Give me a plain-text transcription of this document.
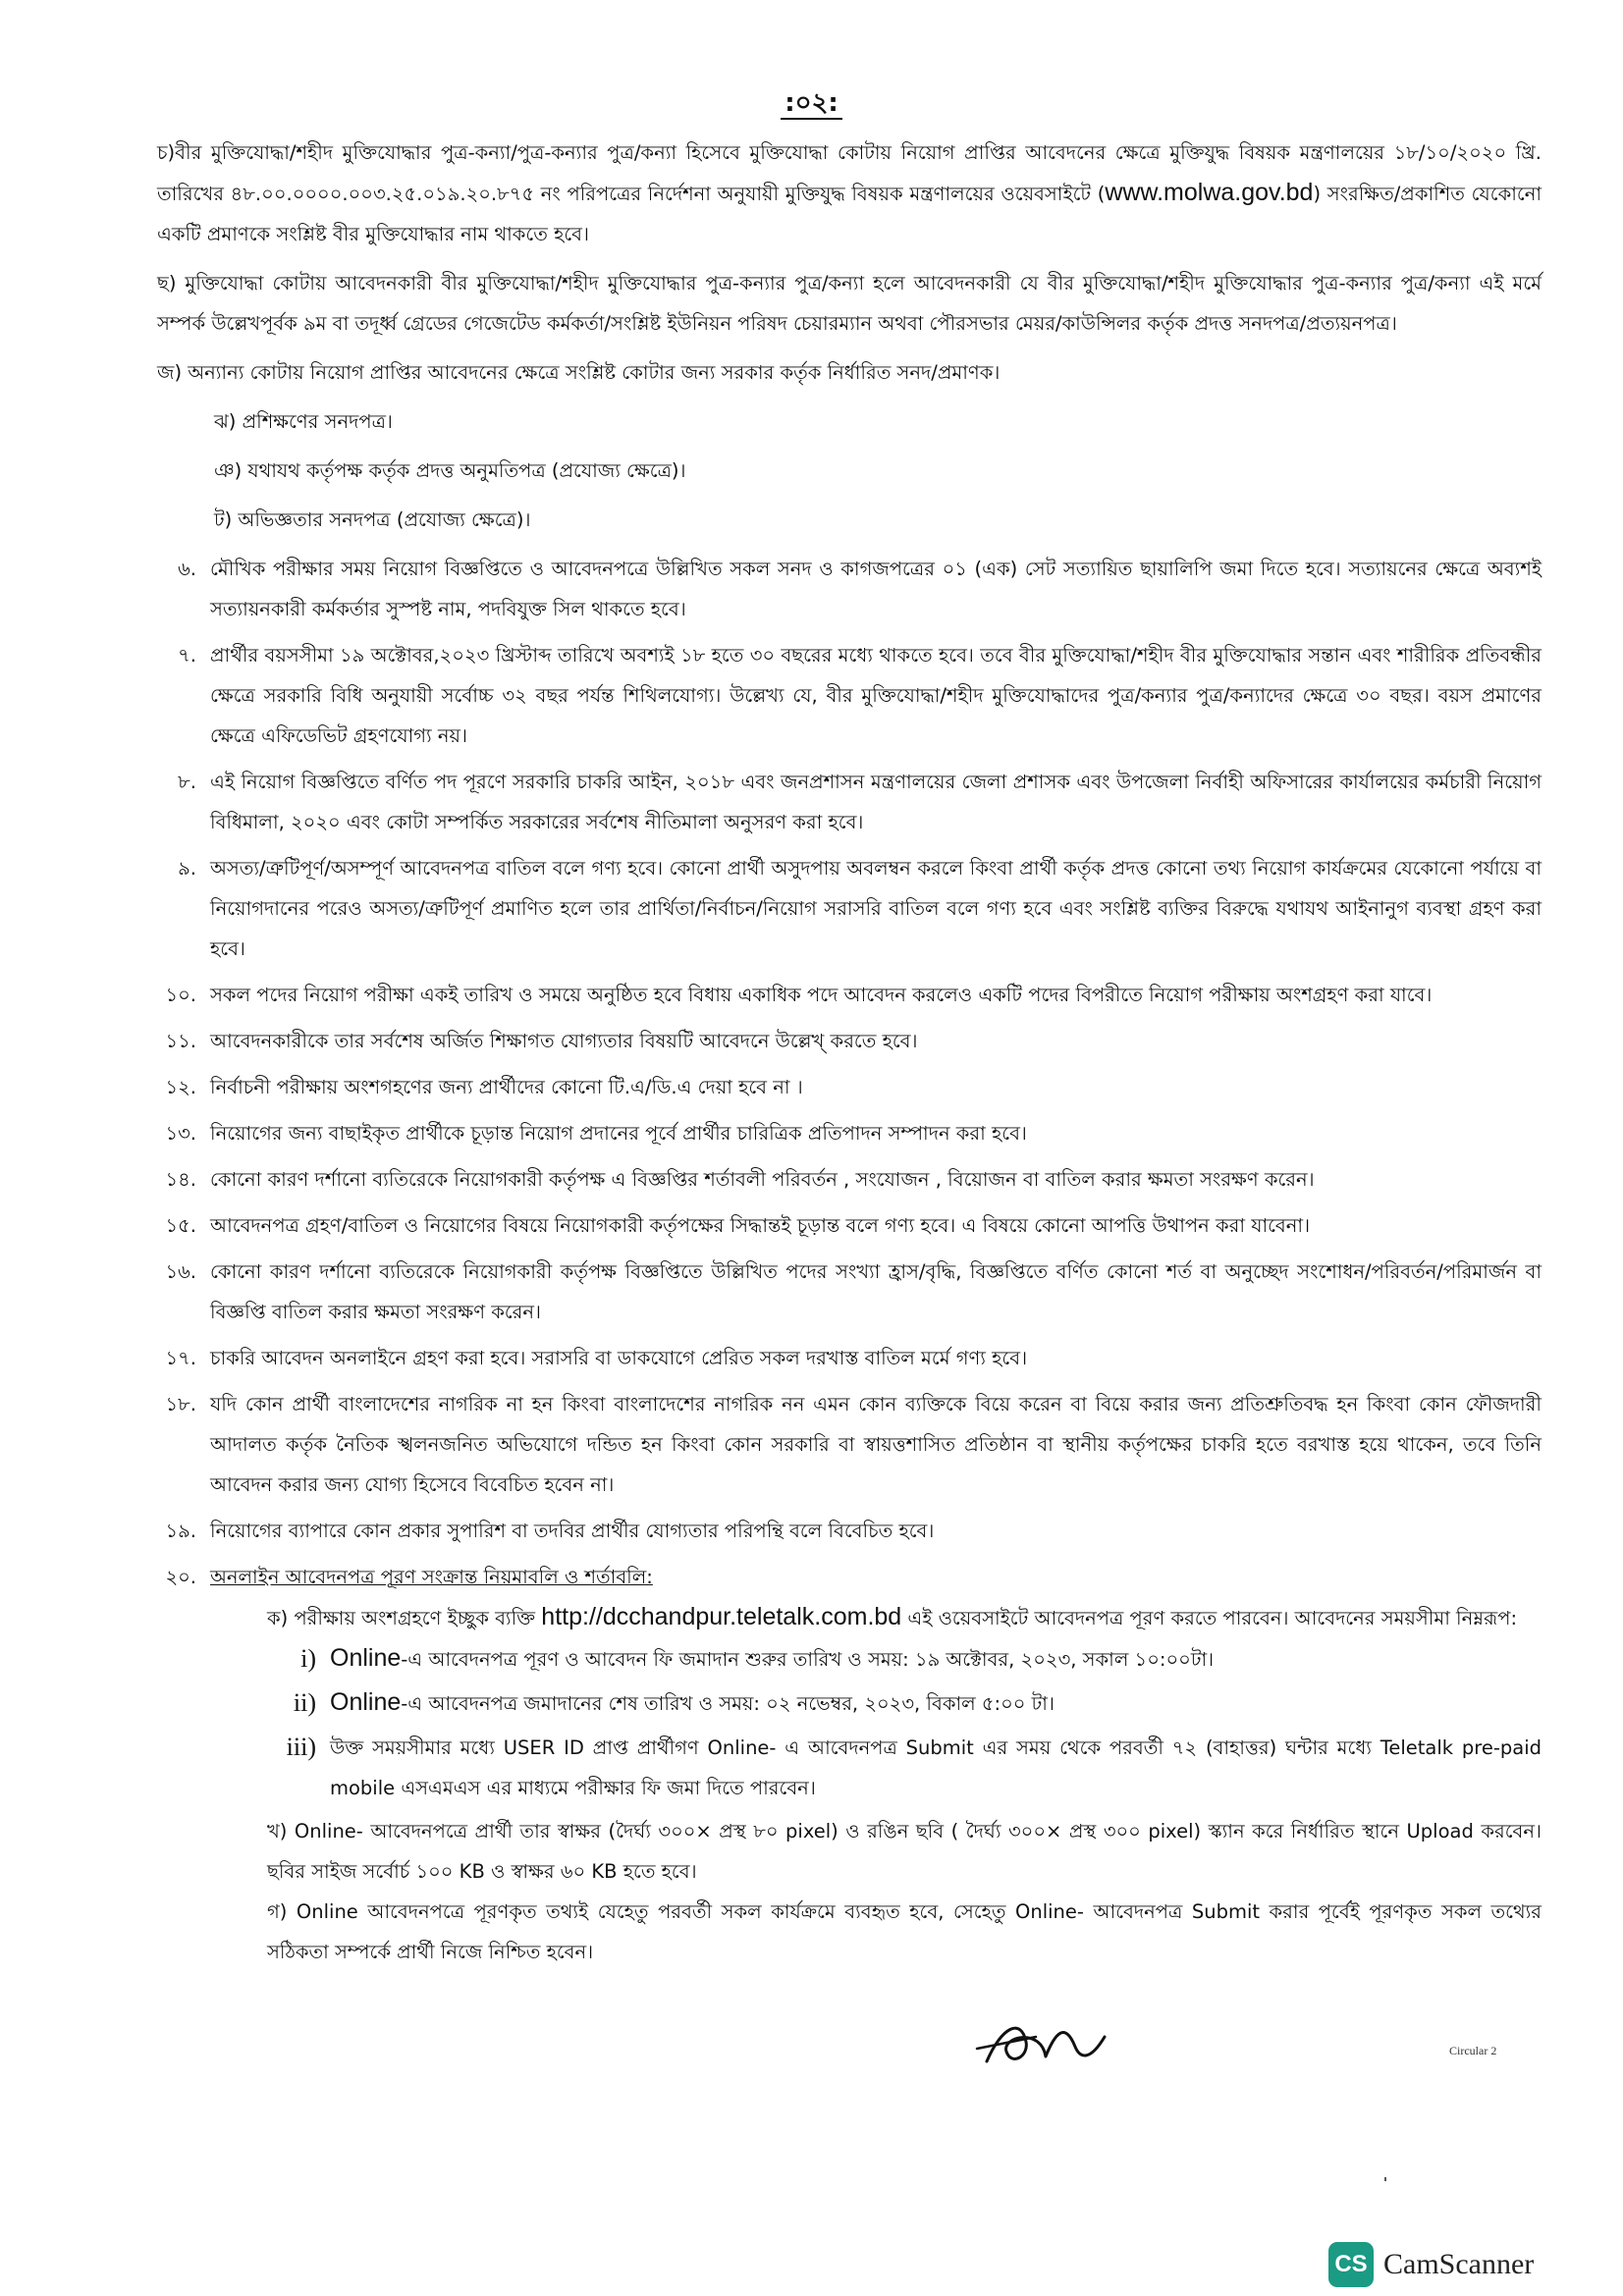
:০২:
চ)বীর মুক্তিযোদ্ধা/শহীদ মুক্তিযোদ্ধার পুত্র-কন্যা/পুত্র-কন্যার পুত্র/কন্যা হিসেবে মুক্তিযোদ্ধা কোটায় নিয়োগ প্রাপ্তির আবেদনের ক্ষেত্রে মুক্তিযুদ্ধ বিষয়ক মন্ত্রণালয়ের ১৮/১০/২০২০ খ্রি. তারিখের ৪৮.০০.০০০০.০০৩.২৫.০১৯.২০.৮৭৫ নং পরিপত্রের নির্দেশনা অনুযায়ী মুক্তিযুদ্ধ বিষয়ক মন্ত্রণালয়ের ওয়েবসাইটে (www.molwa.gov.bd) সংরক্ষিত/প্রকাশিত যেকোনো একটি প্রমাণকে সংশ্লিষ্ট বীর মুক্তিযোদ্ধার নাম থাকতে হবে।
ছ) মুক্তিযোদ্ধা কোটায় আবেদনকারী বীর মুক্তিযোদ্ধা/শহীদ মুক্তিযোদ্ধার পুত্র-কন্যার পুত্র/কন্যা হলে আবেদনকারী যে বীর মুক্তিযোদ্ধা/শহীদ মুক্তিযোদ্ধার পুত্র-কন্যার পুত্র/কন্যা এই মর্মে সম্পর্ক উল্লেখপূর্বক ৯ম বা তদূর্ধ্ব গ্রেডের গেজেটেড কর্মকর্তা/সংশ্লিষ্ট ইউনিয়ন পরিষদ চেয়ারম্যান অথবা পৌরসভার মেয়র/কাউন্সিলর কর্তৃক প্রদত্ত সনদপত্র/প্রত্যয়নপত্র।
জ) অন্যান্য কোটায় নিয়োগ প্রাপ্তির আবেদনের ক্ষেত্রে সংশ্লিষ্ট কোটার জন্য সরকার কর্তৃক নির্ধারিত সনদ/প্রমাণক।
ঝ) প্রশিক্ষণের সনদপত্র।
ঞ) যথাযথ কর্তৃপক্ষ কর্তৃক প্রদত্ত অনুমতিপত্র (প্রযোজ্য ক্ষেত্রে)।
ট) অভিজ্ঞতার সনদপত্র (প্রযোজ্য ক্ষেত্রে)।
৬. মৌখিক পরীক্ষার সময় নিয়োগ বিজ্ঞপ্তিতে ও আবেদনপত্রে উল্লিখিত সকল সনদ ও কাগজপত্রের ০১ (এক) সেট সত্যায়িত ছায়ালিপি জমা দিতে হবে। সত্যায়নের ক্ষেত্রে অব্যশই সত্যায়নকারী কর্মকর্তার সুস্পষ্ট নাম, পদবিযুক্ত সিল থাকতে হবে।
৭. প্রার্থীর বয়সসীমা ১৯ অক্টোবর,২০২৩ খ্রিস্টাব্দ তারিখে অবশ্যই ১৮ হতে ৩০ বছরের মধ্যে থাকতে হবে। তবে বীর মুক্তিযোদ্ধা/শহীদ বীর মুক্তিযোদ্ধার সন্তান এবং শারীরিক প্রতিবন্ধীর ক্ষেত্রে সরকারি বিধি অনুযায়ী সর্বোচ্চ ৩২ বছর পর্যন্ত শিথিলযোগ্য। উল্লেখ্য যে, বীর মুক্তিযোদ্ধা/শহীদ মুক্তিযোদ্ধাদের পুত্র/কন্যার পুত্র/কন্যাদের ক্ষেত্রে ৩০ বছর। বয়স প্রমাণের ক্ষেত্রে এফিডেভিট গ্রহণযোগ্য নয়।
৮. এই নিয়োগ বিজ্ঞপ্তিতে বর্ণিত পদ পূরণে সরকারি চাকরি আইন, ২০১৮ এবং জনপ্রশাসন মন্ত্রণালয়ের জেলা প্রশাসক এবং উপজেলা নির্বাহী অফিসারের কার্যালয়ের কর্মচারী নিয়োগ বিধিমালা, ২০২০ এবং কোটা সম্পর্কিত সরকারের সর্বশেষ নীতিমালা অনুসরণ করা হবে।
৯. অসত্য/ত্রুটিপূর্ণ/অসম্পূর্ণ আবেদনপত্র বাতিল বলে গণ্য হবে। কোনো প্রার্থী অসুদপায় অবলম্বন করলে কিংবা প্রার্থী কর্তৃক প্রদত্ত কোনো তথ্য নিয়োগ কার্যক্রমের যেকোনো পর্যায়ে বা নিয়োগদানের পরেও অসত্য/ত্রুটিপূর্ণ প্রমাণিত হলে তার প্রার্থিতা/নির্বাচন/নিয়োগ সরাসরি বাতিল বলে গণ্য হবে এবং সংশ্লিষ্ট ব্যক্তির বিরুদ্ধে যথাযথ আইনানুগ ব্যবস্থা গ্রহণ করা হবে।
১০. সকল পদের নিয়োগ পরীক্ষা একই তারিখ ও সময়ে অনুষ্ঠিত হবে বিধায় একাধিক পদে আবেদন করলেও একটি পদের বিপরীতে নিয়োগ পরীক্ষায় অংশগ্রহণ করা যাবে।
১১. আবেদনকারীকে তার সর্বশেষ অর্জিত শিক্ষাগত যোগ্যতার বিষয়টি আবেদনে উল্লেখ্ করতে হবে।
১২. নির্বাচনী পরীক্ষায় অংশগহণের জন্য প্রার্থীদের কোনো টি.এ/ডি.এ দেয়া হবে না ।
১৩. নিয়োগের জন্য বাছাইকৃত প্রার্থীকে চূড়ান্ত নিয়োগ প্রদানের পূর্বে প্রার্থীর চারিত্রিক প্রতিপাদন সম্পাদন করা হবে।
১৪. কোনো কারণ দর্শানো ব্যতিরেকে নিয়োগকারী কর্তৃপক্ষ এ বিজ্ঞপ্তির শর্তাবলী পরিবর্তন , সংযোজন , বিয়োজন বা বাতিল করার ক্ষমতা সংরক্ষণ করেন।
১৫. আবেদনপত্র গ্রহণ/বাতিল ও নিয়োগের বিষয়ে নিয়োগকারী কর্তৃপক্ষের সিদ্ধান্তই চূড়ান্ত বলে গণ্য হবে। এ বিষয়ে কোনো আপত্তি উথাপন করা যাবেনা।
১৬. কোনো কারণ দর্শানো ব্যতিরেকে নিয়োগকারী কর্তৃপক্ষ বিজ্ঞপ্তিতে উল্লিখিত পদের সংখ্যা হ্রাস/বৃদ্ধি, বিজ্ঞপ্তিতে বর্ণিত কোনো শর্ত বা অনুচ্ছেদ সংশোধন/পরিবর্তন/পরিমার্জন বা বিজ্ঞপ্তি বাতিল করার ক্ষমতা সংরক্ষণ করেন।
১৭. চাকরি আবেদন অনলাইনে গ্রহণ করা হবে। সরাসরি বা ডাকযোগে প্রেরিত সকল দরখাস্ত বাতিল মর্মে গণ্য হবে।
১৮. যদি কোন প্রার্থী বাংলাদেশের নাগরিক না হন কিংবা বাংলাদেশের নাগরিক নন এমন কোন ব্যক্তিকে বিয়ে করেন বা বিয়ে করার জন্য প্রতিশ্রুতিবদ্ধ হন কিংবা কোন ফৌজদারী আদালত কর্তৃক নৈতিক স্খলনজনিত অভিযোগে দন্ডিত হন কিংবা কোন সরকারি বা স্বায়ত্তশাসিত প্রতিষ্ঠান বা স্থানীয় কর্তৃপক্ষের চাকরি হতে বরখাস্ত হয়ে থাকেন, তবে তিনি আবেদন করার জন্য যোগ্য হিসেবে বিবেচিত হবেন না।
১৯. নিয়োগের ব্যাপারে কোন প্রকার সুপারিশ বা তদবির প্রার্থীর যোগ্যতার পরিপন্থি বলে বিবেচিত হবে।
২০. অনলাইন আবেদনপত্র পূরণ সংক্রান্ত নিয়মাবলি ও শর্তাবলি:
ক) পরীক্ষায় অংশগ্রহণে ইচ্ছুক ব্যক্তি http://dcchandpur.teletalk.com.bd এই ওয়েবসাইটে আবেদনপত্র পূরণ করতে পারবেন। আবেদনের সময়সীমা নিম্নরূপ:
i) Online-এ আবেদনপত্র পূরণ ও আবেদন ফি জমাদান শুরুর তারিখ ও সময়: ১৯ অক্টোবর, ২০২৩, সকাল ১০:০০টা।
ii) Online-এ আবেদনপত্র জমাদানের শেষ তারিখ ও সময়: ০২ নভেম্বর, ২০২৩, বিকাল ৫:০০ টা।
iii) উক্ত সময়সীমার মধ্যে USER ID প্রাপ্ত প্রার্থীগণ Online- এ আবেদনপত্র Submit এর সময় থেকে পরবর্তী ৭২ (বাহাত্তর) ঘন্টার মধ্যে Teletalk pre-paid mobile এসএমএস এর মাধ্যমে পরীক্ষার ফি জমা দিতে পারবেন।
খ) Online- আবেদনপত্রে প্রার্থী তার স্বাক্ষর (দৈর্ঘ্য ৩০০× প্রস্থ ৮০ pixel) ও রঙিন ছবি ( দৈর্ঘ্য ৩০০× প্রস্থ ৩০০ pixel) স্ক্যান করে নির্ধারিত স্থানে Upload করবেন। ছবির সাইজ সর্বোর্চ ১০০ KB ও স্বাক্ষর ৬০ KB হতে হবে।
গ) Online আবেদনপত্রে পূরণকৃত তথ্যই যেহেতু পরবর্তী সকল কার্যক্রমে ব্যবহৃত হবে, সেহেতু Online- আবেদনপত্র Submit করার পূর্বেই পূরণকৃত সকল তথ্যের সঠিকতা সম্পর্কে প্রার্থী নিজে নিশ্চিত হবেন।
Circular 2
CS CamScanner
